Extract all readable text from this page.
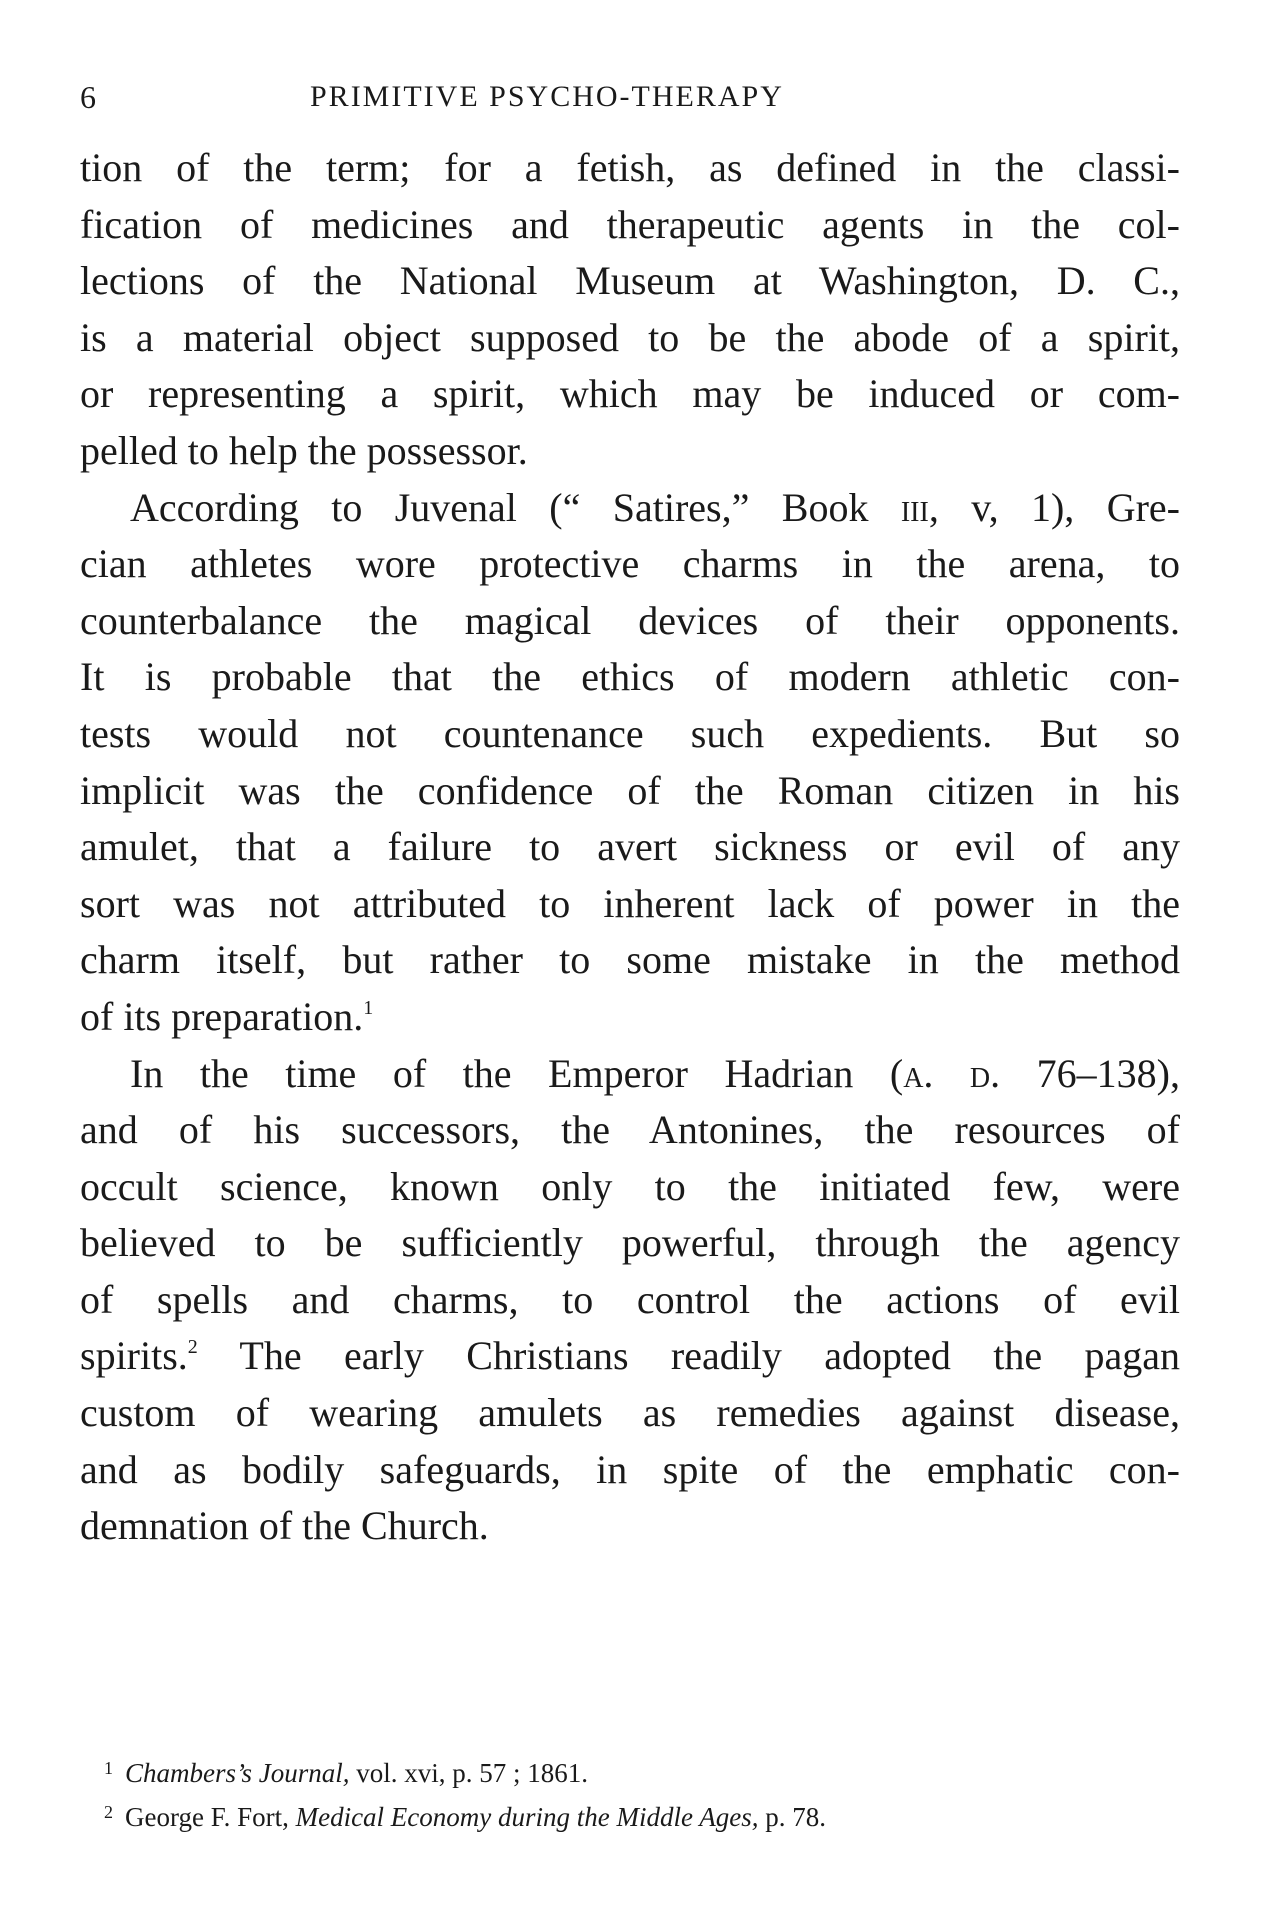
6	PRIMITIVE PSYCHO-THERAPY
tion of the term; for a fetish, as defined in the classi-
fication of medicines and therapeutic agents in the col-
lections of the National Museum at Washington, D. C.,
is a material object supposed to be the abode of a spirit,
or representing a spirit, which may be induced or com-
pelled to help the possessor.
According to Juvenal (“ Satires,” Book iii, v, 1), Gre-
cian athletes wore protective charms in the arena, to
counterbalance the magical devices of their opponents.
It is probable that the ethics of modern athletic con-
tests would not countenance such expedients. But so
implicit was the confidence of the Roman citizen in his
amulet, that a failure to avert sickness or evil of any
sort was not attributed to inherent lack of power in the
charm itself, but rather to some mistake in the method
of its preparation.$^1$
In the time of the Emperor Hadrian (a. d. 76–138),
and of his successors, the Antonines, the resources of
occult science, known only to the initiated few, were
believed to be sufficiently powerful, through the agency
of spells and charms, to control the actions of evil
spirits.$^2$ The early Christians readily adopted the pagan
custom of wearing amulets as remedies against disease,
and as bodily safeguards, in spite of the emphatic con-
demnation of the Church.
$^1$ Chambers’s Journal, vol. xvi, p. 57 ; 1861.
$^2$ George F. Fort, Medical Economy during the Middle Ages, p. 78.
